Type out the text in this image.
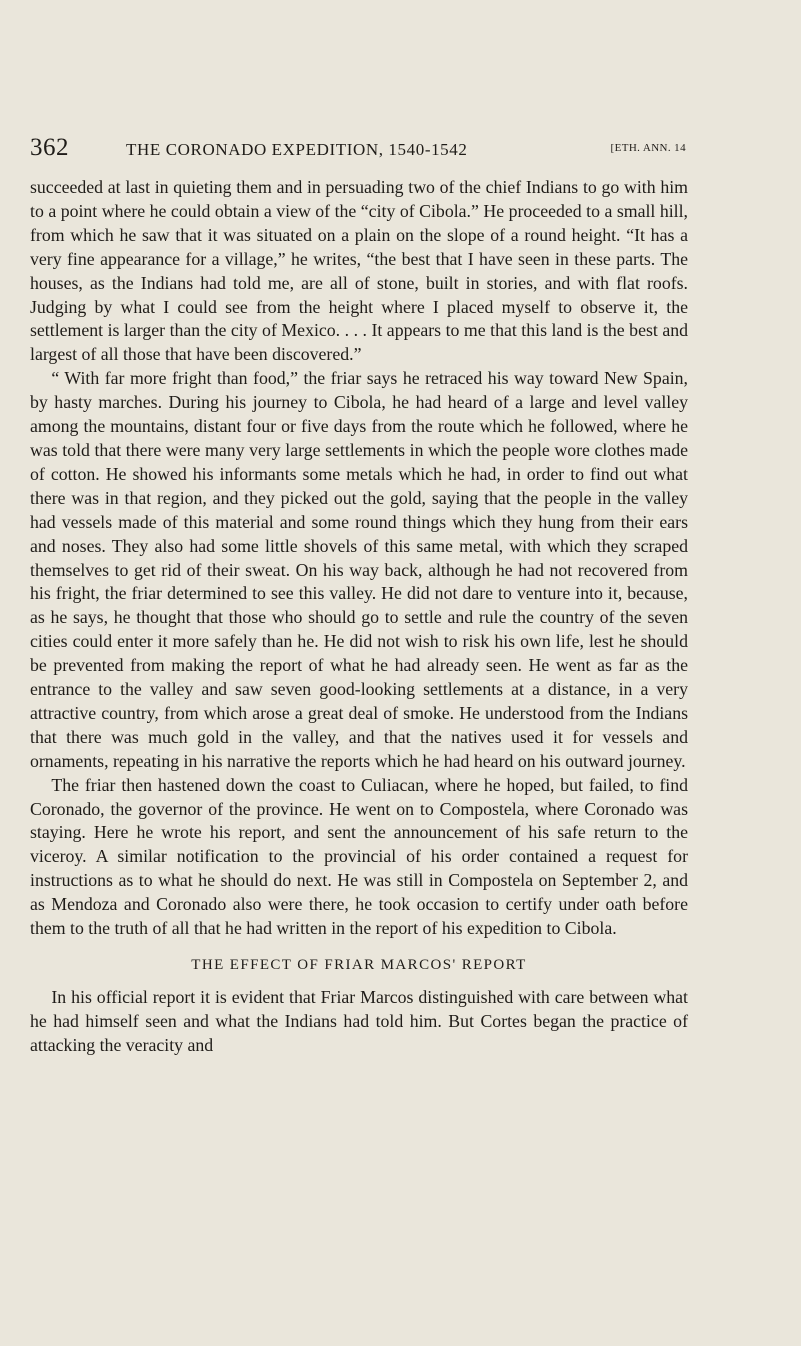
362	THE CORONADO EXPEDITION, 1540-1542	[ETH. ANN. 14

succeeded at last in quieting them and in persuading two of the chief Indians to go with him to a point where he could obtain a view of the “city of Cibola.” He proceeded to a small hill, from which he saw that it was situated on a plain on the slope of a round height. “It has a very fine appearance for a village,” he writes, “the best that I have seen in these parts. The houses, as the Indians had told me, are all of stone, built in stories, and with flat roofs. Judging by what I could see from the height where I placed myself to observe it, the settlement is larger than the city of Mexico. . . . It appears to me that this land is the best and largest of all those that have been discovered.”

“ With far more fright than food,” the friar says he retraced his way toward New Spain, by hasty marches. During his journey to Cibola, he had heard of a large and level valley among the mountains, distant four or five days from the route which he followed, where he was told that there were many very large settlements in which the people wore clothes made of cotton. He showed his informants some metals which he had, in order to find out what there was in that region, and they picked out the gold, saying that the people in the valley had vessels made of this material and some round things which they hung from their ears and noses. They also had some little shovels of this same metal, with which they scraped themselves to get rid of their sweat. On his way back, although he had not recovered from his fright, the friar determined to see this valley. He did not dare to venture into it, because, as he says, he thought that those who should go to settle and rule the country of the seven cities could enter it more safely than he. He did not wish to risk his own life, lest he should be prevented from making the report of what he had already seen. He went as far as the entrance to the valley and saw seven good-looking settlements at a distance, in a very attractive country, from which arose a great deal of smoke. He understood from the Indians that there was much gold in the valley, and that the natives used it for vessels and ornaments, repeating in his narrative the reports which he had heard on his outward journey.

The friar then hastened down the coast to Culiacan, where he hoped, but failed, to find Coronado, the governor of the province. He went on to Compostela, where Coronado was staying. Here he wrote his report, and sent the announcement of his safe return to the viceroy. A similar notification to the provincial of his order contained a request for instructions as to what he should do next. He was still in Compostela on September 2, and as Mendoza and Coronado also were there, he took occasion to certify under oath before them to the truth of all that he had written in the report of his expedition to Cibola.

THE EFFECT OF FRIAR MARCOS' REPORT

In his official report it is evident that Friar Marcos distinguished with care between what he had himself seen and what the Indians had told him. But Cortes began the practice of attacking the veracity and
